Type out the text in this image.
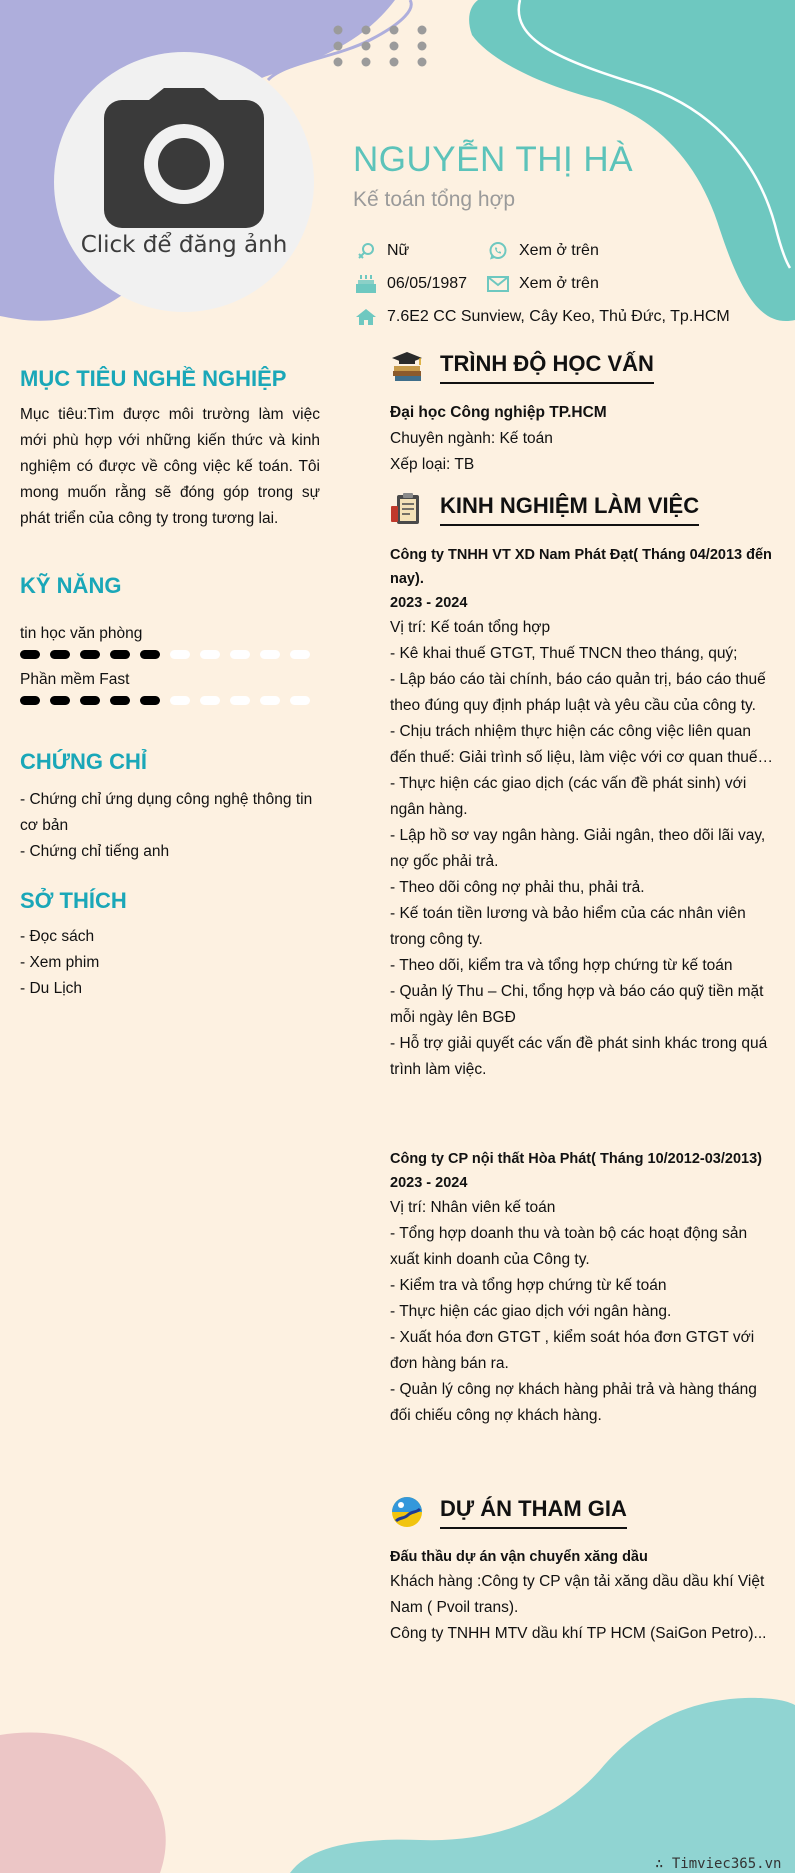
Click để đăng ảnh
NGUYỄN THỊ HÀ
Kế toán tổng hợp
Nữ	Xem ở trên
06/05/1987	Xem ở trên
7.6E2 CC Sunview, Cây Keo, Thủ Đức, Tp.HCM
MỤC TIÊU NGHỀ NGHIỆP
Mục tiêu:Tìm được môi trường làm việc mới phù hợp với những kiến thức và kinh nghiệm có được về công việc kế toán. Tôi mong muốn rằng sẽ đóng góp trong sự phát triển của công ty trong tương lai.
KỸ NĂNG
tin học văn phòng
Phần mềm Fast
CHỨNG CHỈ
- Chứng chỉ ứng dụng công nghệ thông tin cơ bản
- Chứng chỉ tiếng anh
SỞ THÍCH
- Đọc sách
- Xem phim
- Du Lịch
TRÌNH ĐỘ HỌC VẤN
Đại học Công nghiệp TP.HCM
Chuyên ngành: Kế toán
Xếp loại: TB
KINH NGHIỆM LÀM VIỆC
Công ty TNHH VT XD Nam Phát Đạt( Tháng 04/2013 đến nay).
2023 - 2024
Vị trí: Kế toán tổng hợp
- Kê khai thuế GTGT, Thuế TNCN theo tháng, quý;
- Lập báo cáo tài chính, báo cáo quản trị, báo cáo thuế theo đúng quy định pháp luật và yêu cầu của công ty.
- Chịu trách nhiệm thực hiện các công việc liên quan đến thuế: Giải trình số liệu, làm việc với cơ quan thuế…
- Thực hiện các giao dịch (các vấn đề phát sinh) với ngân hàng.
- Lập hồ sơ vay ngân hàng. Giải ngân, theo dõi lãi vay, nợ gốc phải trả.
- Theo dõi công nợ phải thu, phải trả.
- Kế toán tiền lương và bảo hiểm của các nhân viên trong công ty.
- Theo dõi, kiểm tra và tổng hợp chứng từ kế toán
- Quản lý Thu – Chi, tổng hợp và báo cáo quỹ tiền mặt mỗi ngày lên BGĐ
- Hỗ trợ giải quyết các vấn đề phát sinh khác trong quá trình làm việc.
Công ty CP nội thất Hòa Phát( Tháng 10/2012-03/2013)
2023 - 2024
Vị trí: Nhân viên kế toán
- Tổng hợp doanh thu và toàn bộ các hoạt động sản xuất kinh doanh của Công ty.
- Kiểm tra và tổng hợp chứng từ kế toán
- Thực hiện các giao dịch với ngân hàng.
- Xuất hóa đơn GTGT , kiểm soát hóa đơn GTGT với đơn hàng bán ra.
- Quản lý công nợ khách hàng phải trả và hàng tháng đối chiếu công nợ khách hàng.
DỰ ÁN THAM GIA
Đấu thầu dự án vận chuyển xăng dầu
Khách hàng :Công ty CP vận tải xăng dầu dầu khí Việt Nam ( Pvoil trans).
Công ty TNHH MTV dầu khí TP HCM (SaiGon Petro)...
∴ Timviec365.vn
